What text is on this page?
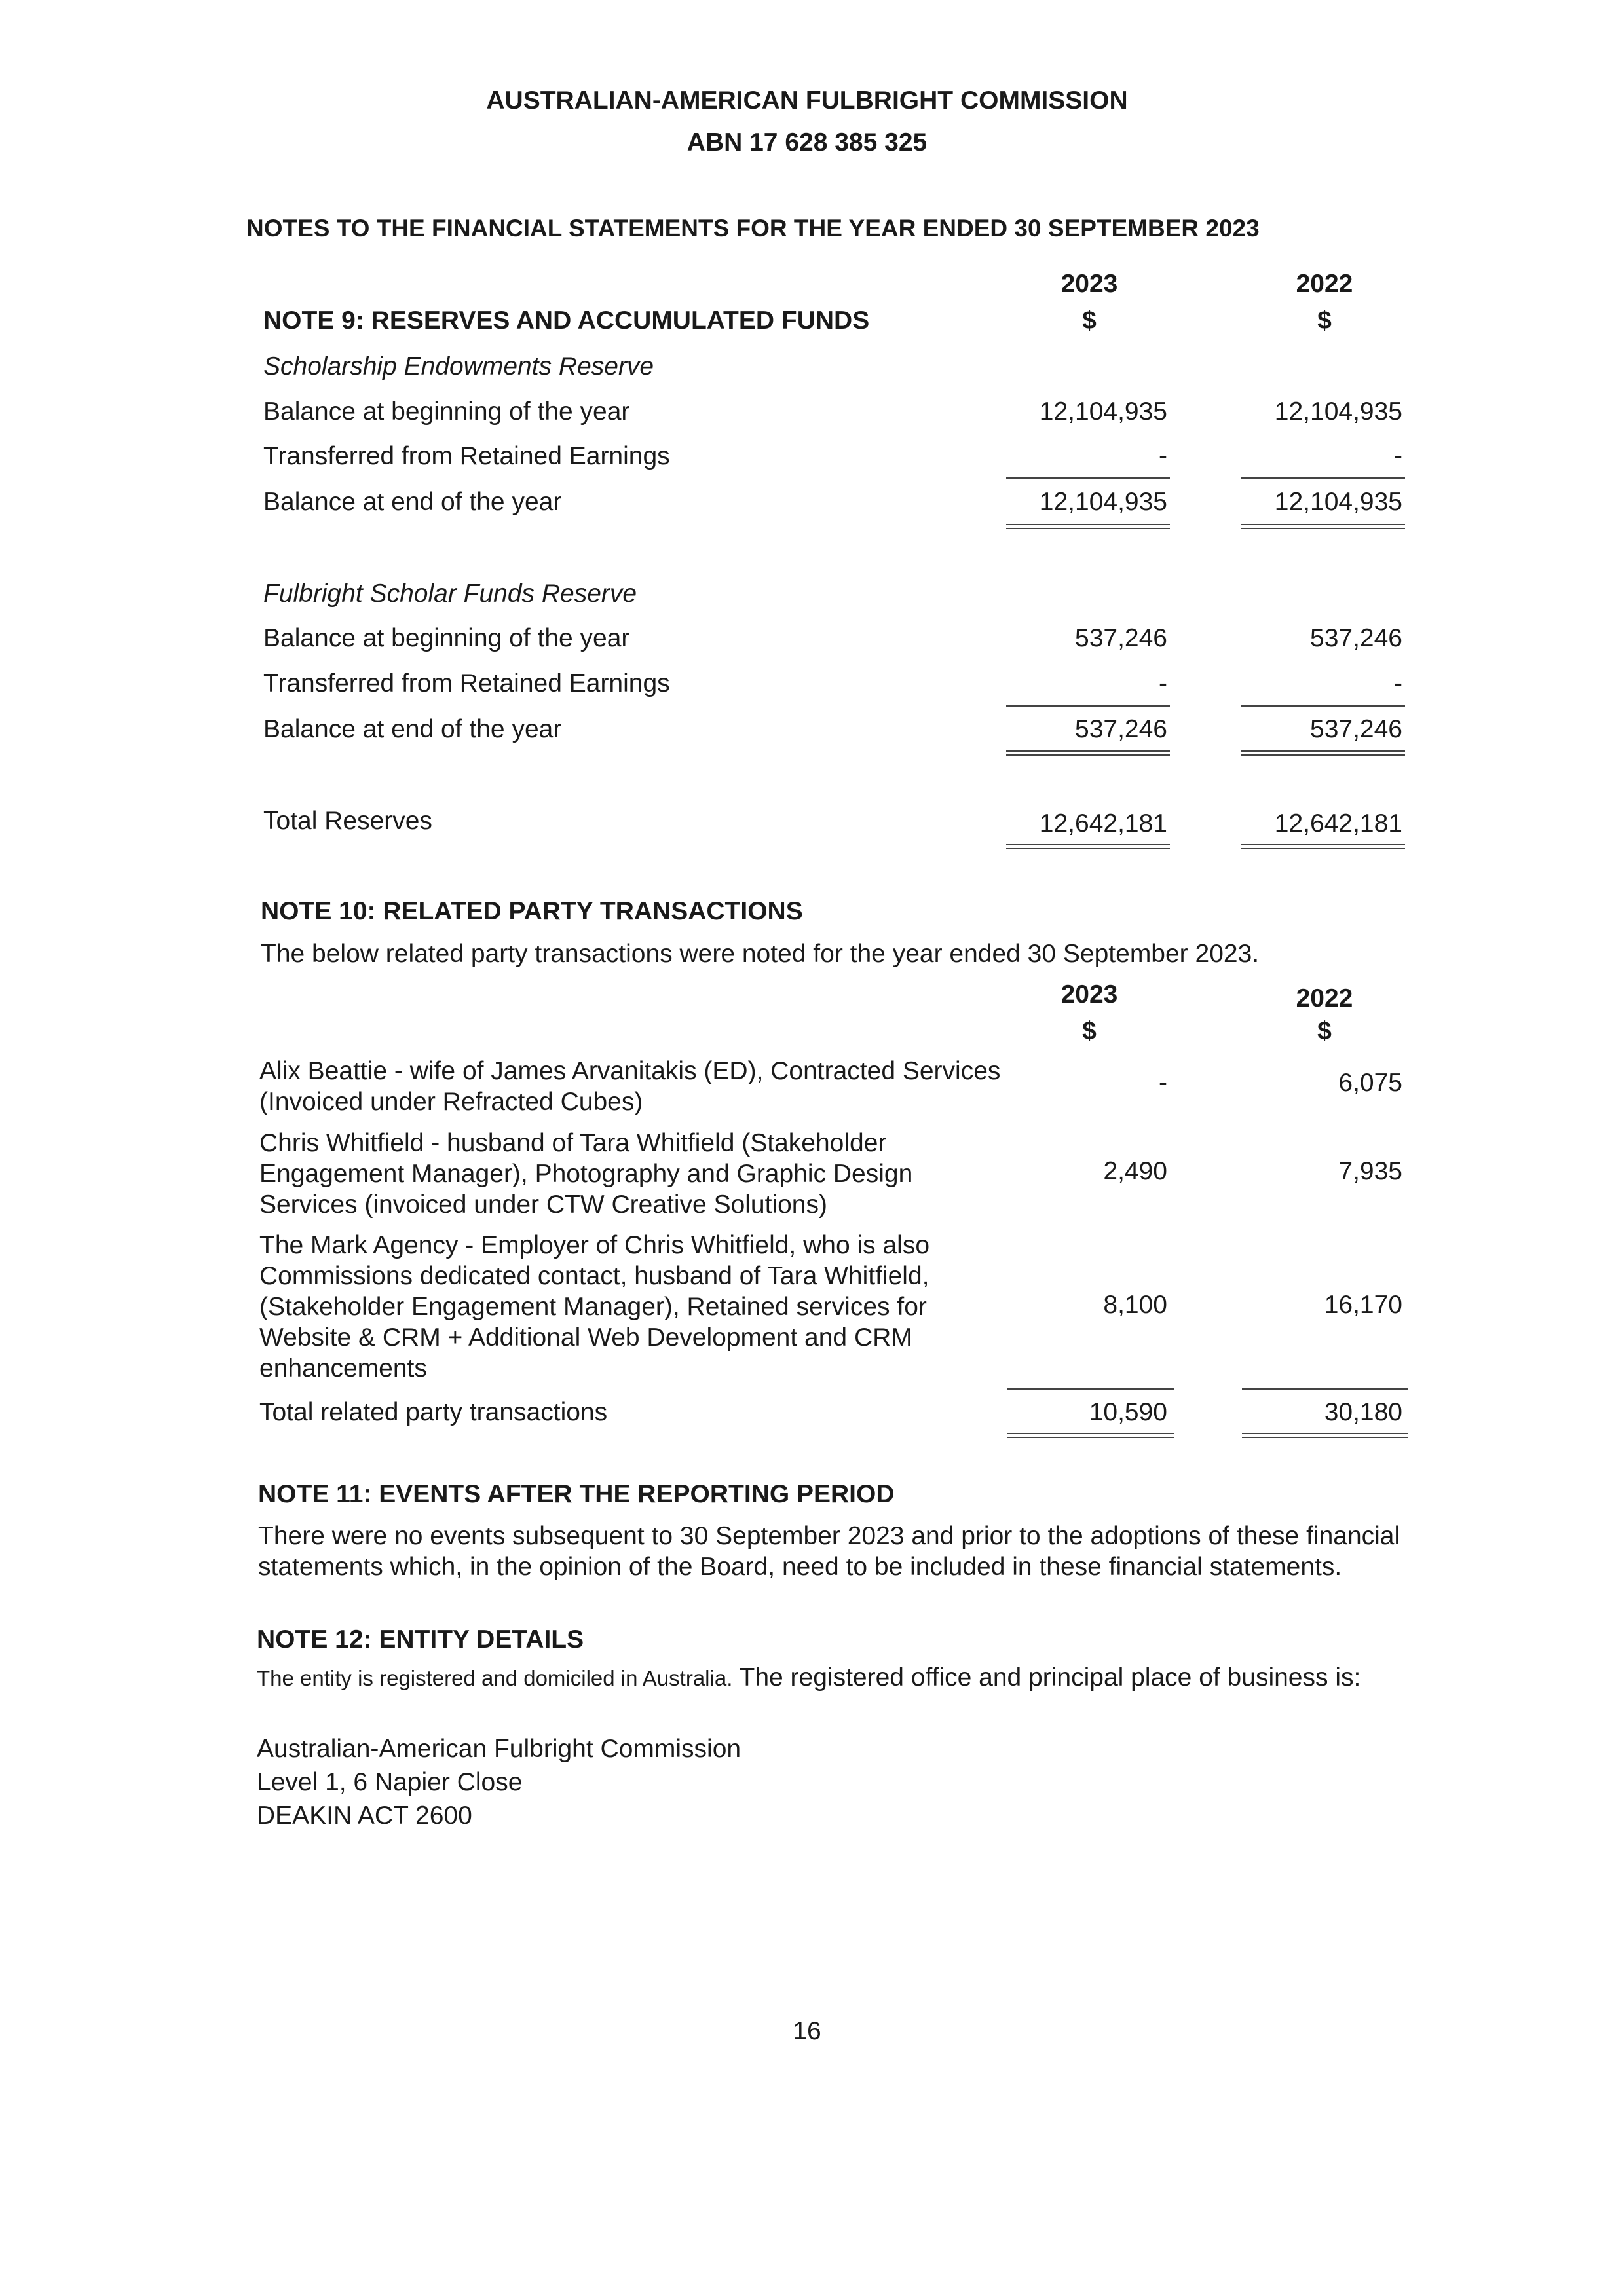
AUSTRALIAN-AMERICAN FULBRIGHT COMMISSION
ABN 17 628 385 325
NOTES TO THE FINANCIAL STATEMENTS FOR THE YEAR ENDED 30 SEPTEMBER 2023
2023	2022
NOTE 9: RESERVES AND ACCUMULATED FUNDS	$	$
Scholarship Endowments Reserve
Balance at beginning of the year	12,104,935	12,104,935
Transferred from Retained Earnings	-	-
Balance at end of the year	12,104,935	12,104,935
Fulbright Scholar Funds Reserve
Balance at beginning of the year	537,246	537,246
Transferred from Retained Earnings	-	-
Balance at end of the year	537,246	537,246
Total Reserves	12,642,181	12,642,181
NOTE 10: RELATED PARTY TRANSACTIONS
The below related party transactions were noted for the year ended 30 September 2023.
2023	2022
$	$
Alix Beattie - wife of James Arvanitakis (ED), Contracted Services
(Invoiced under Refracted Cubes)
-	6,075
Chris Whitfield - husband of Tara Whitfield (Stakeholder
Engagement Manager), Photography and Graphic Design
Services (invoiced under CTW Creative Solutions)
2,490	7,935
The Mark Agency - Employer of Chris Whitfield, who is also
Commissions dedicated contact, husband of Tara Whitfield,
(Stakeholder Engagement Manager), Retained services for
Website & CRM + Additional Web Development and CRM
enhancements
8,100	16,170
Total related party transactions	10,590	30,180
NOTE 11: EVENTS AFTER THE REPORTING PERIOD
There were no events subsequent to 30 September 2023 and prior to the adoptions of these financial
statements which, in the opinion of the Board, need to be included in these financial statements.
NOTE 12: ENTITY DETAILS
The entity is registered and domiciled in Australia. The registered office and principal place of business is:
Australian-American Fulbright Commission
Level 1, 6 Napier Close
DEAKIN ACT 2600
16
